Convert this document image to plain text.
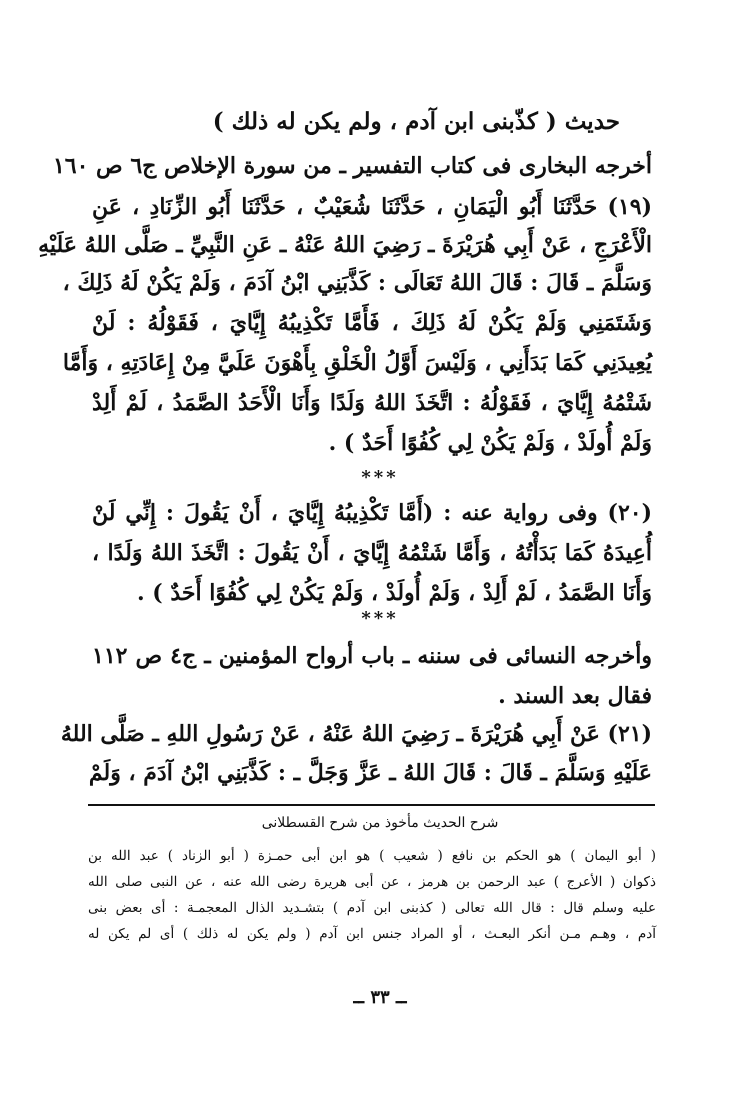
حديث ( كذّبنى ابن آدم ، ولم يكن له ذلك )
أخرجه البخارى فى كتاب التفسير ـ من سورة الإخلاص ج٦ ص ١٦٠
(١٩) حَدَّثَنَا أَبُو الْيَمَانِ ، حَدَّثَنَا شُعَيْبٌ ، حَدَّثَنَا أَبُو الزِّنَادِ ، عَنِ
الْأَعْرَجِ ، عَنْ أَبِي هُرَيْرَةَ ـ رَضِيَ اللهُ عَنْهُ ـ عَنِ النَّبِيِّ ـ صَلَّى اللهُ عَلَيْهِ
وَسَلَّمَ ـ قَالَ : قَالَ اللهُ تَعَالَى : كَذَّبَنِي ابْنُ آدَمَ ، وَلَمْ يَكُنْ لَهُ ذَلِكَ ،
وَشَتَمَنِي وَلَمْ يَكُنْ لَهُ ذَلِكَ ، فَأَمَّا تَكْذِيبُهُ إِيَّايَ ، فَقَوْلُهُ : لَنْ
يُعِيدَنِي كَمَا بَدَأَنِي ، وَلَيْسَ أَوَّلُ الْخَلْقِ بِأَهْوَنَ عَلَيَّ مِنْ إِعَادَتِهِ ، وَأَمَّا
شَتْمُهُ إِيَّايَ ، فَقَوْلُهُ : اتَّخَذَ اللهُ وَلَدًا وَأَنَا الْأَحَدُ الصَّمَدُ ، لَمْ أَلِدْ
وَلَمْ أُولَدْ ، وَلَمْ يَكُنْ لِي كُفُوًا أَحَدٌ ) .
***
(٢٠) وفى رواية عنه : (أَمَّا تَكْذِيبُهُ إِيَّايَ ، أَنْ يَقُولَ : إِنِّي لَنْ
أُعِيدَهُ كَمَا بَدَأْتُهُ ، وَأَمَّا شَتْمُهُ إِيَّايَ ، أَنْ يَقُولَ : اتَّخَذَ اللهُ وَلَدًا ،
وَأَنَا الصَّمَدُ ، لَمْ أَلِدْ ، وَلَمْ أُولَدْ ، وَلَمْ يَكُنْ لِي كُفُوًا أَحَدٌ ) .
***
وأخرجه النسائى فى سننه ـ باب أرواح المؤمنين ـ ج٤ ص ١١٢
فقال بعد السند .
(٢١) عَنْ أَبِي هُرَيْرَةَ ـ رَضِيَ اللهُ عَنْهُ ، عَنْ رَسُولِ اللهِ ـ صَلَّى اللهُ
عَلَيْهِ وَسَلَّمَ ـ قَالَ : قَالَ اللهُ ـ عَزَّ وَجَلَّ ـ : كَذَّبَنِي ابْنُ آدَمَ ، وَلَمْ
شرح الحديث مأخوذ من شرح القسطلانى
( أبو اليمان ) هو الحكم بن نافع ( شعيب ) هو ابن أبى حمـزة ( أبو الزناد ) عبد الله بن
ذكوان ( الأعرج ) عبد الرحمن بن هرمز ، عن أبى هريرة رضى الله عنه ، عن النبى صلى الله
عليه وسلم قال : قال الله تعالى ( كذبنى ابن آدم ) بتشـديد الذال المعجمـة : أى بعض بنى
آدم ، وهـم مـن أنكر البعـث ، أو المراد جنس ابن آدم ( ولم يكن له ذلك ) أى لم يكن له
ــ ٣٣ ــ
